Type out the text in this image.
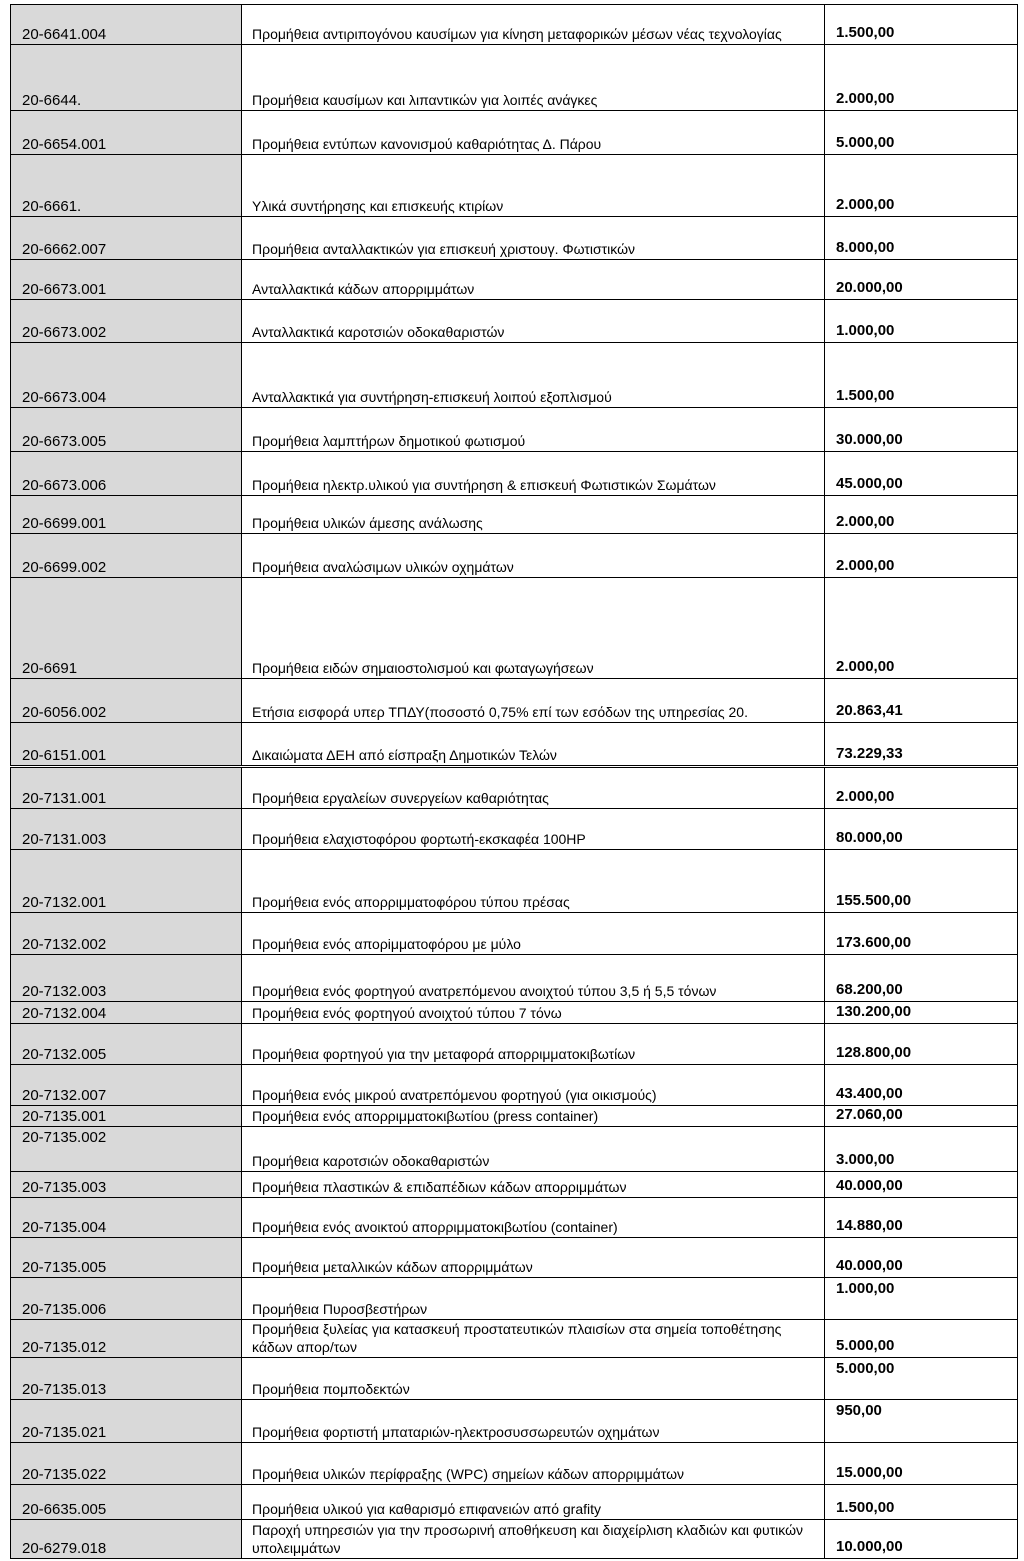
20-6641.004	Προμήθεια αντιριπογόνου καυσίμων για κίνηση μεταφορικών μέσων νέας τεχνολογίας	1.500,00
20-6644.	Προμήθεια καυσίμων και λιπαντικών για λοιπές ανάγκες	2.000,00
20-6654.001	Προμήθεια εντύπων κανονισμού καθαριότητας Δ. Πάρου	5.000,00
20-6661.	Υλικά συντήρησης και επισκευής κτιρίων	2.000,00
20-6662.007	Προμήθεια ανταλλακτικών για επισκευή χριστουγ. Φωτιστικών	8.000,00
20-6673.001	Ανταλλακτικά κάδων απορριμμάτων	20.000,00
20-6673.002	Ανταλλακτικά καροτσιών οδοκαθαριστών	1.000,00
20-6673.004	Ανταλλακτικά για συντήρηση-επισκευή λοιπού εξοπλισμού	1.500,00
20-6673.005	Προμήθεια λαμπτήρων δημοτικού φωτισμού	30.000,00
20-6673.006	Προμήθεια ηλεκτρ.υλικού για συντήρηση & επισκευή Φωτιστικών Σωμάτων	45.000,00
20-6699.001	Προμήθεια υλικών άμεσης ανάλωσης	2.000,00
20-6699.002	Προμήθεια αναλώσιμων υλικών οχημάτων	2.000,00
20-6691	Προμήθεια ειδών σημαιοστολισμού και φωταγωγήσεων	2.000,00
20-6056.002	Ετήσια εισφορά υπερ ΤΠΔΥ(ποσοστό 0,75% επί των εσόδων της υπηρεσίας 20.	20.863,41
20-6151.001	Δικαιώματα ΔΕΗ από είσπραξη Δημοτικών Τελών	73.229,33
20-7131.001	Προμήθεια εργαλείων συνεργείων καθαριότητας	2.000,00
20-7131.003	Προμήθεια ελαχιστοφόρου φορτωτή-εκσκαφέα 100HP	80.000,00
20-7132.001	Προμήθεια ενός απορριμματοφόρου τύπου πρέσας	155.500,00
20-7132.002	Προμήθεια ενός απορiμματοφόρου με μύλο	173.600,00
20-7132.003	Προμήθεια ενός φορτηγού ανατρεπόμενου ανοιχτού τύπου 3,5 ή 5,5 τόνων	68.200,00
20-7132.004	Προμήθεια ενός φορτηγού ανοιχτού τύπου 7 τόνω	130.200,00
20-7132.005	Προμήθεια φορτηγού για την μεταφορά απορριμματοκιβωτίων	128.800,00
20-7132.007	Προμήθεια ενός μικρού ανατρεπόμενου φορτηγού (για οικισμούς)	43.400,00
20-7135.001	Προμήθεια ενός απορριμματοκιβωτίου (press container)	27.060,00
20-7135.002	Προμήθεια καροτσιών οδοκαθαριστών	3.000,00
20-7135.003	Προμήθεια πλαστικών & επιδαπέδιων κάδων απορριμμάτων	40.000,00
20-7135.004	Προμήθεια ενός ανοικτού απορριμματοκιβωτίου (container)	14.880,00
20-7135.005	Προμήθεια μεταλλικών κάδων απορριμμάτων	40.000,00
20-7135.006	Προμήθεια Πυροσβεστήρων	1.000,00
20-7135.012	Προμήθεια ξυλείας για κατασκευή προστατευτικών πλαισίων στα σημεία τοποθέτησης κάδων απορ/των	5.000,00
20-7135.013	Προμήθεια πομποδεκτών	5.000,00
20-7135.021	Προμήθεια φορτιστή μπαταριών-ηλεκτροσυσσωρευτών οχημάτων	950,00
20-7135.022	Προμήθεια υλικών περίφραξης (WPC) σημείων κάδων απορριμμάτων	15.000,00
20-6635.005	Προμήθεια υλικού για καθαρισμό επιφανειών από grafity	1.500,00
20-6279.018	Παροχή υπηρεσιών για την προσωρινή αποθήκευση και διαχείρλιση κλαδιών και φυτικών υπολειμμάτων	10.000,00
